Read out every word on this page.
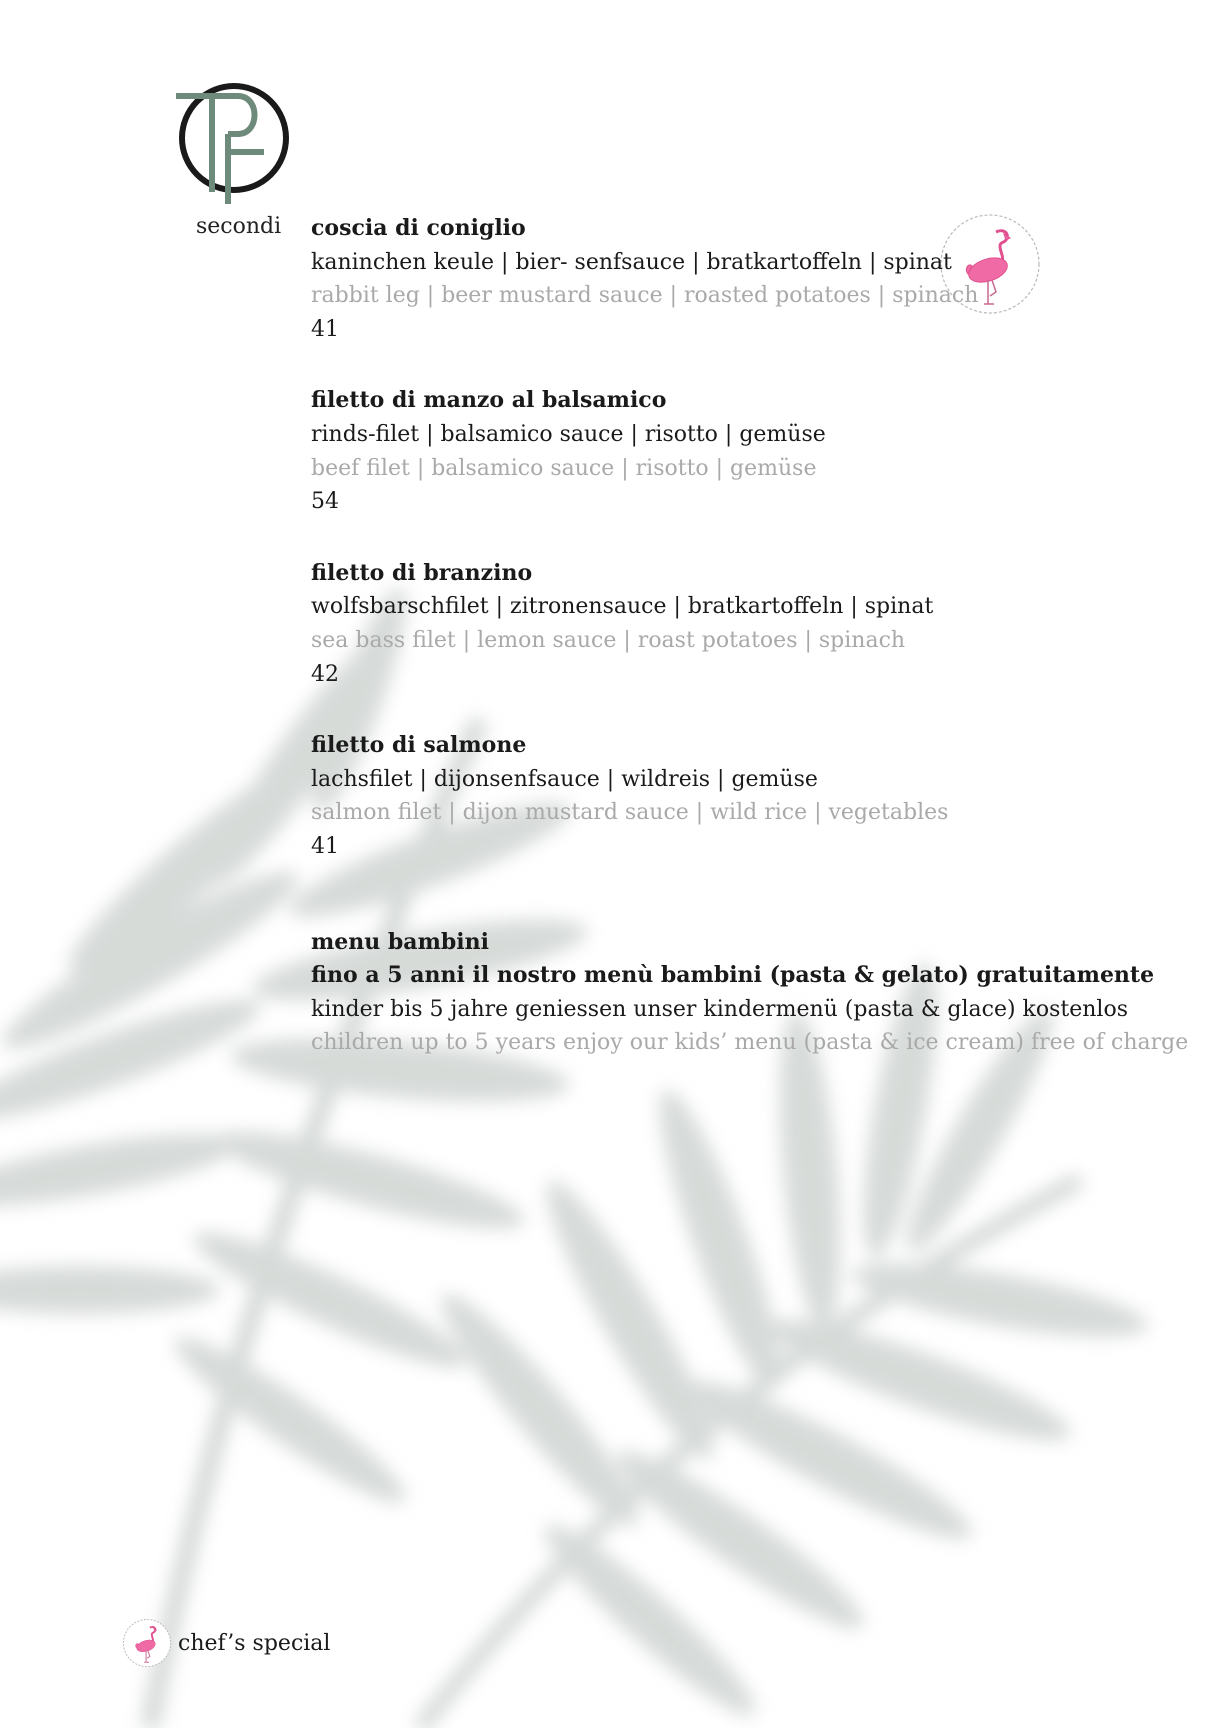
secondi coscia di coniglio
kaninchen keule | bier- senfsauce | bratkartoffeln | spinat
rabbit leg | beer mustard sauce | roasted potatoes | spinach
41
filetto di manzo al balsamico
rinds-filet | balsamico sauce | risotto | gemüse
beef filet | balsamico sauce | risotto | gemüse
54
filetto di branzino
wolfsbarschfilet | zitronensauce | bratkartoffeln | spinat
sea bass filet | lemon sauce | roast potatoes | spinach
42
filetto di salmone
lachsfilet | dijonsenfsauce | wildreis | gemüse
salmon filet | dijon mustard sauce | wild rice | vegetables
41
menu bambini
fino a 5 anni il nostro menù bambini (pasta & gelato) gratuitamente
kinder bis 5 jahre geniessen unser kindermenü (pasta & glace) kostenlos
children up to 5 years enjoy our kids’ menu (pasta & ice cream) free of charge
chef’s special
